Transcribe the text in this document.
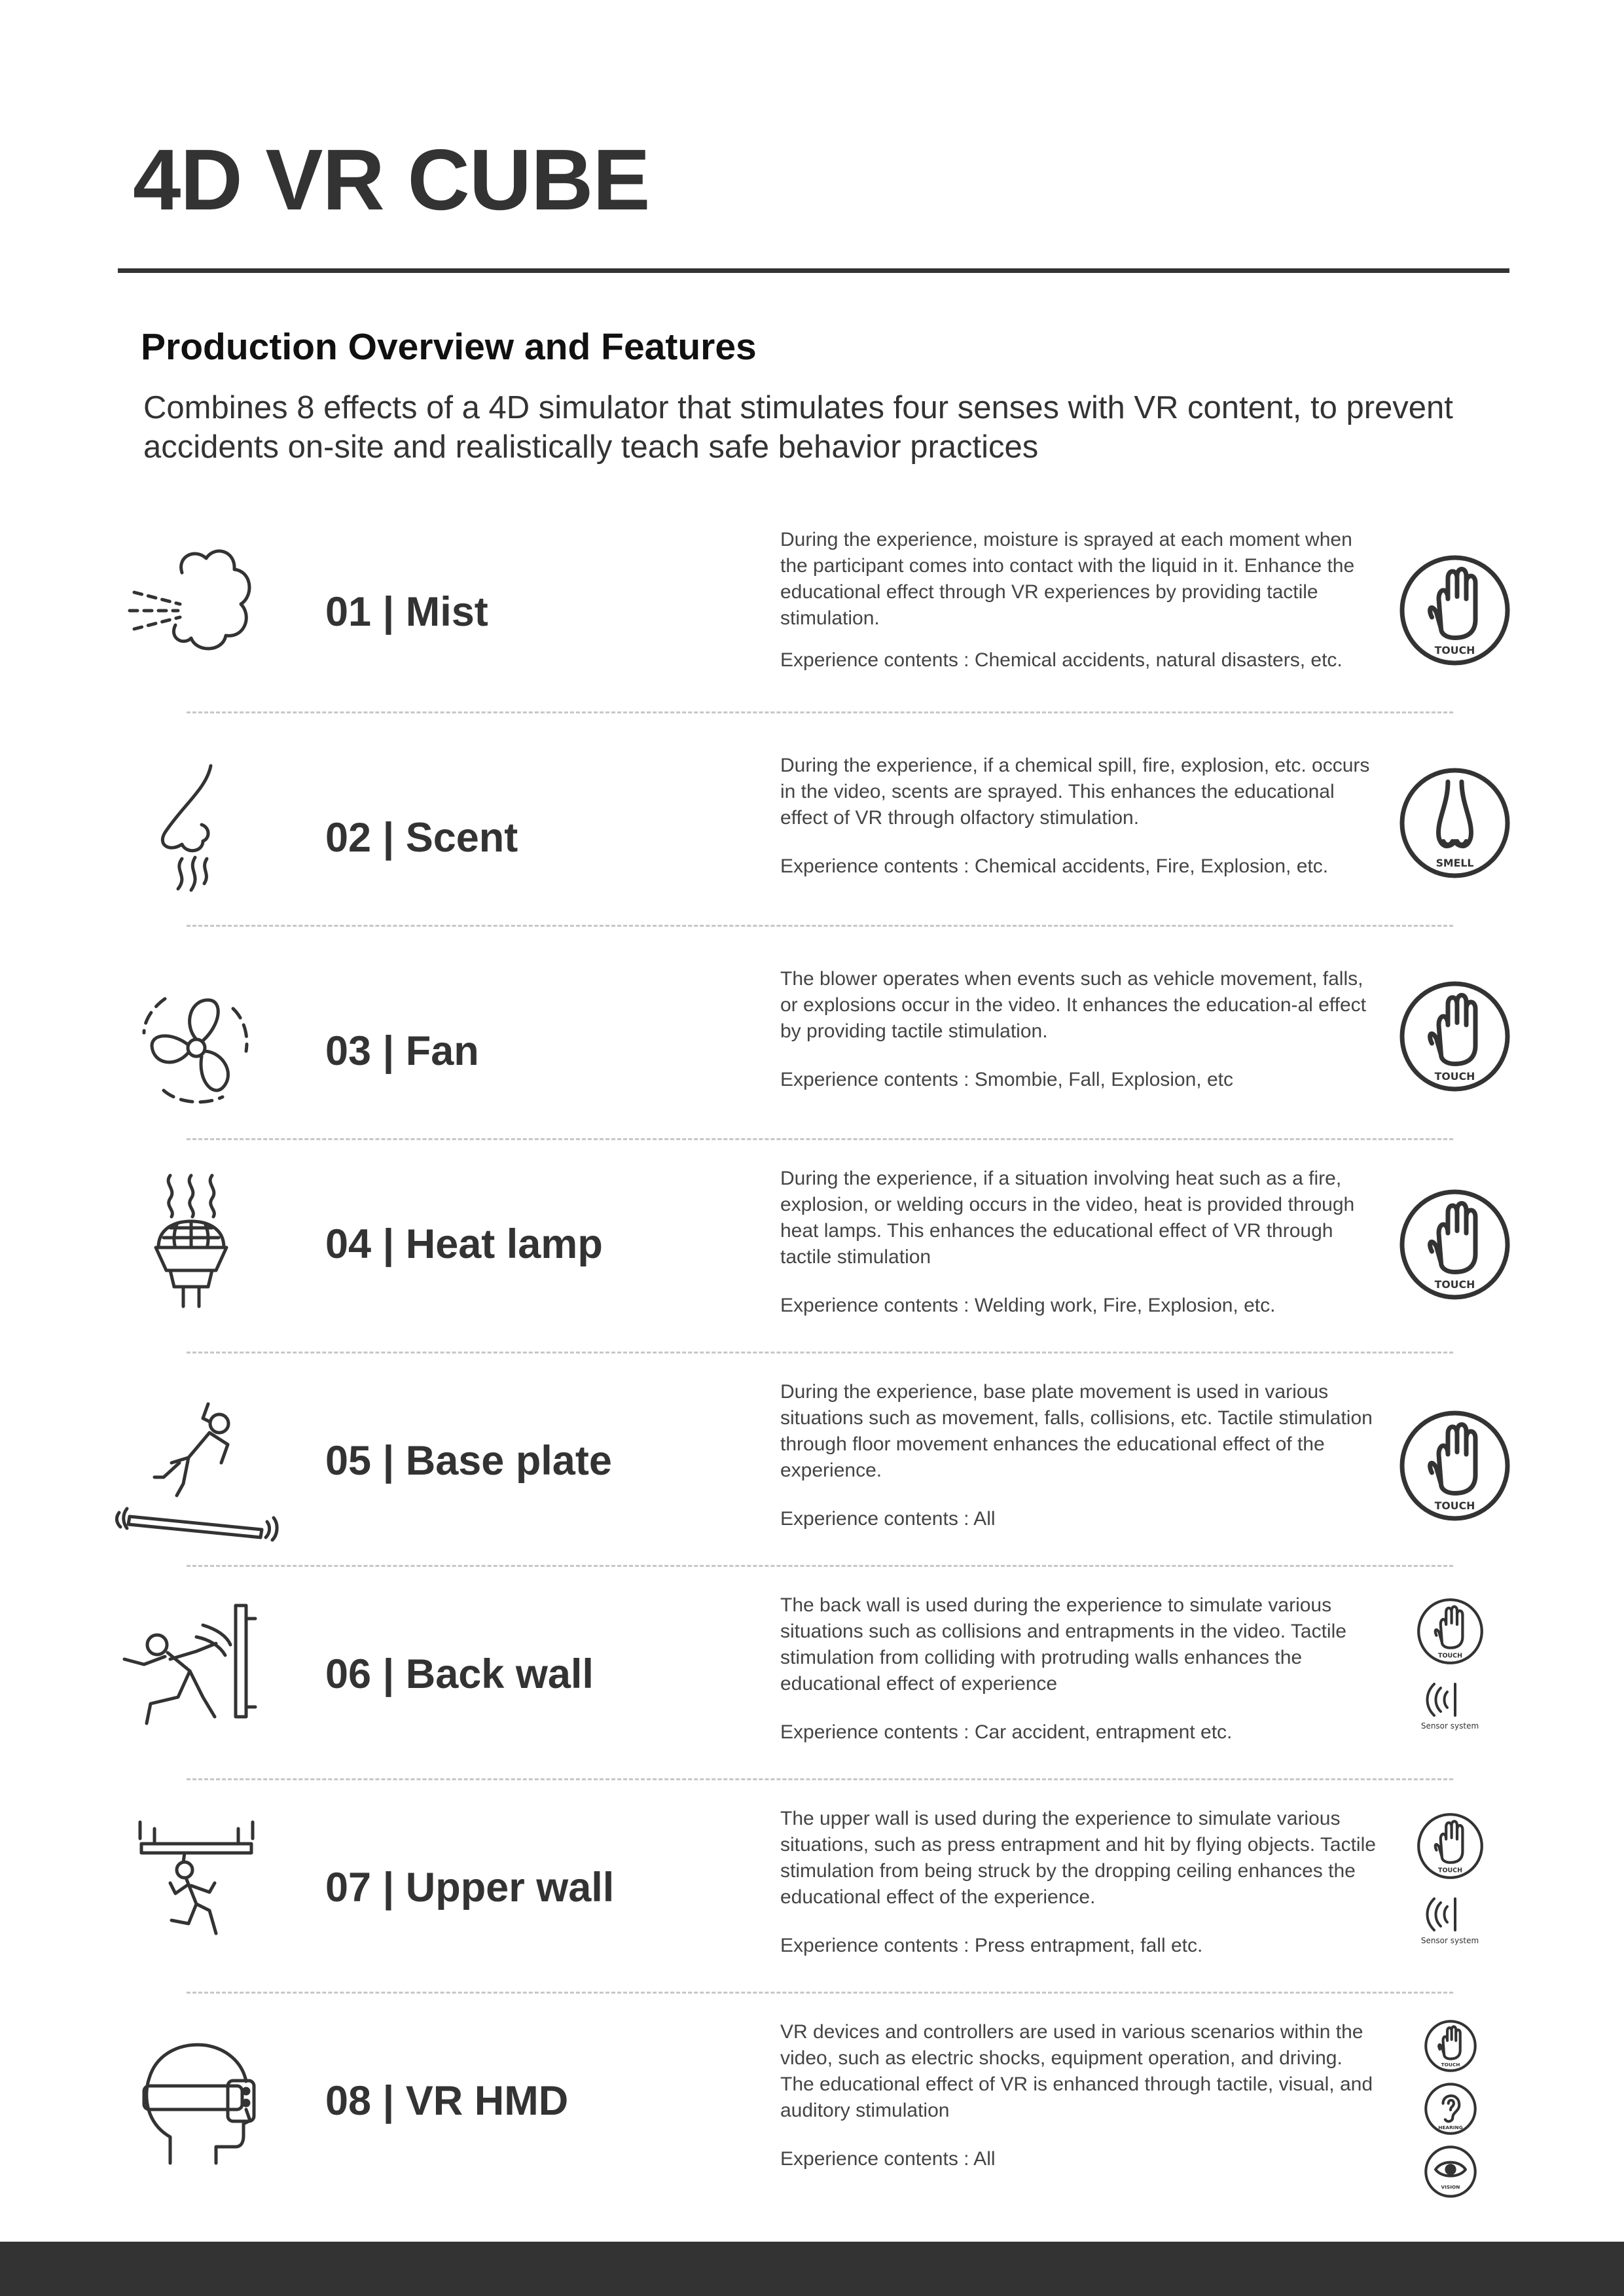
4D VR CUBE
Production Overview and Features

Combines 8 effects of a 4D simulator that stimulates four senses with VR content, to prevent accidents on-site and realistically teach safe behavior practices

01 | Mist

During the experience, moisture is sprayed at each moment when the participant comes into contact with the liquid in it. Enhance the educational effect through VR experiences by providing tactile stimulation.

Experience contents : Chemical accidents, natural disasters, etc.	TOUCH
02 | Scent

During the experience, if a chemical spill, fire, explosion, etc. occurs in the video, scents are sprayed. This enhances the educational effect of VR through olfactory stimulation.

Experience contents : Chemical accidents, Fire, Explosion, etc.	SMELL
03 | Fan

The blower operates when events such as vehicle movement, falls, or explosions occur in the video. It enhances the education-al effect by providing tactile stimulation.

Experience contents : Smombie, Fall, Explosion, etc	TOUCH
04 | Heat lamp

During the experience, if a situation involving heat such as a fire, explosion, or welding occurs in the video, heat is provided through heat lamps. This enhances the educational effect of VR through tactile stimulation

Experience contents : Welding work, Fire, Explosion, etc.

TOUCH
05 | Base plate

During the experience, base plate movement is used in various situations such as movement, falls, collisions, etc. Tactile stimulation through floor movement enhances the educational effect of the experience.

Experience contents : All

TOUCH
06 | Back wall

The back wall is used during the experience to simulate various situations such as collisions and entrapments in the video. Tactile stimulation from colliding with protruding walls enhances the educational effect of experience

Experience contents : Car accident, entrapment etc.

TOUCH
Sensor system
07 | Upper wall

The upper wall is used during the experience to simulate various situations, such as press entrapment and hit by flying objects. Tactile stimulation from being struck by the dropping ceiling enhances the educational effect of the experience.

Experience contents : Press entrapment, fall etc.

TOUCH
Sensor system
08 | VR HMD

VR devices and controllers are used in various scenarios within the video, such as electric shocks, equipment operation, and driving. The educational effect of VR is enhanced through tactile, visual, and auditory stimulation

Experience contents : All

TOUCH
HEARING
VISION
